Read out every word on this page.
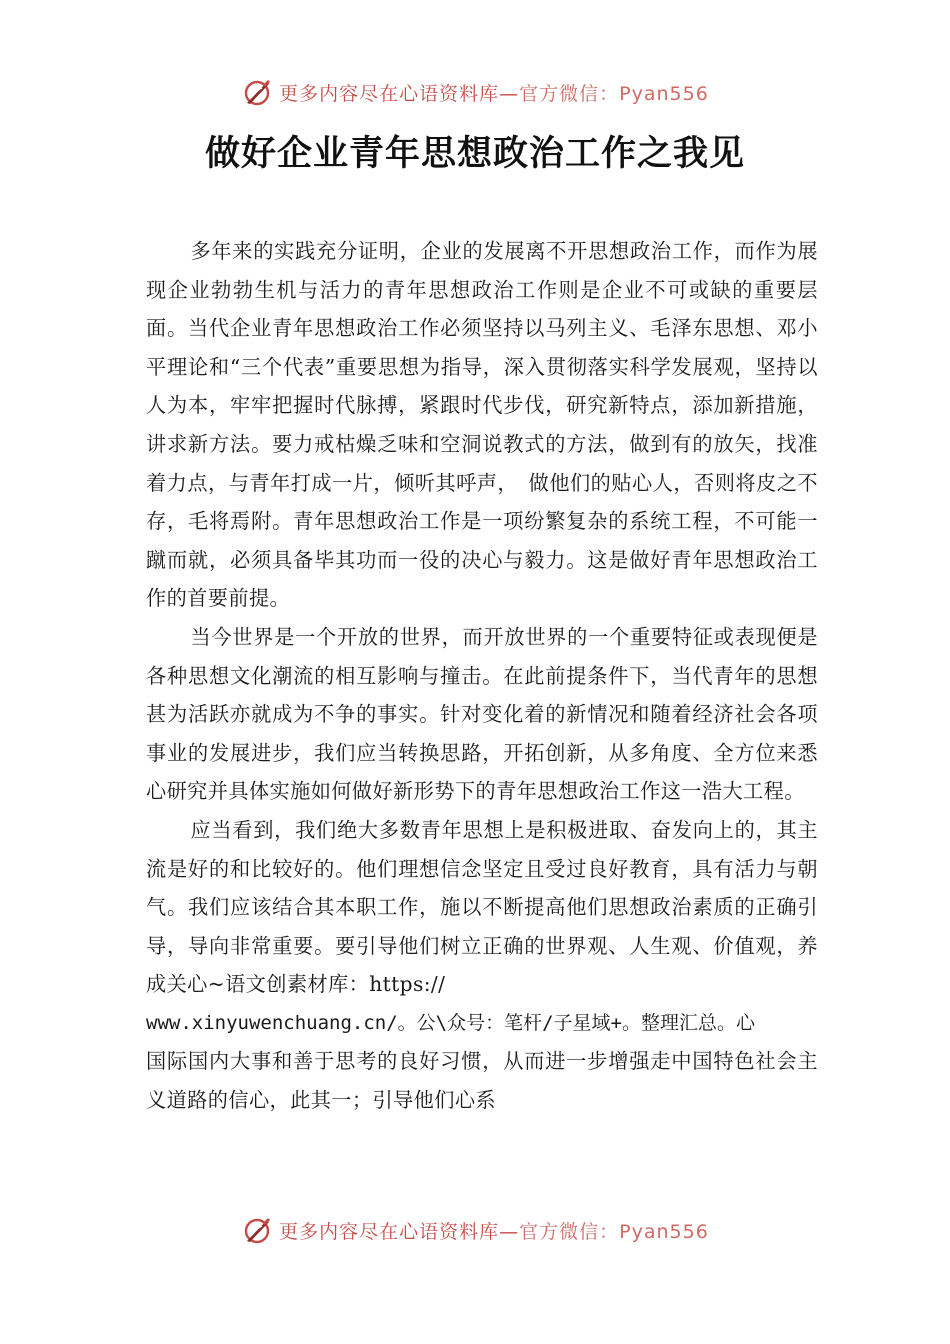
更多内容尽在心语资料库—官方微信：Pyan556
做好企业青年思想政治工作之我见

多年来的实践充分证明，企业的发展离不开思想政治工作，而作为展现企业勃勃生机与活力的青年思想政治工作则是企业不可或缺的重要层面。当代企业青年思想政治工作必须坚持以马列主义、毛泽东思想、邓小平理论和“三个代表”重要思想为指导，深入贯彻落实科学发展观，坚持以人为本，牢牢把握时代脉搏，紧跟时代步伐，研究新特点，添加新措施，讲求新方法。要力戒枯燥乏味和空洞说教式的方法，做到有的放矢，找准着力点，与青年打成一片，倾听其呼声，　做他们的贴心人，否则将皮之不存，毛将焉附。青年思想政治工作是一项纷繁复杂的系统工程，不可能一蹴而就，必须具备毕其功而一役的决心与毅力。这是做好青年思想政治工作的首要前提。

当今世界是一个开放的世界，而开放世界的一个重要特征或表现便是各种思想文化潮流的相互影响与撞击。在此前提条件下，当代青年的思想甚为活跃亦就成为不争的事实。针对变化着的新情况和随着经济社会各项事业的发展进步，我们应当转换思路，开拓创新，从多角度、全方位来悉心研究并具体实施如何做好新形势下的青年思想政治工作这一浩大工程。

应当看到，我们绝大多数青年思想上是积极进取、奋发向上的，其主流是好的和比较好的。他们理想信念坚定且受过良好教育，具有活力与朝气。我们应该结合其本职工作，施以不断提高他们思想政治素质的正确引导，导向非常重要。要引导他们树立正确的世界观、人生观、价值观，养成关心~语文创素材库：https://

www.xinyuwenchuang.cn/。公\众号：笔杆/子星域+。整理汇总。心
国际国内大事和善于思考的良好习惯，从而进一步增强走中国特色社会主义道路的信心，此其一；引导他们心系
更多内容尽在心语资料库—官方微信：Pyan556
